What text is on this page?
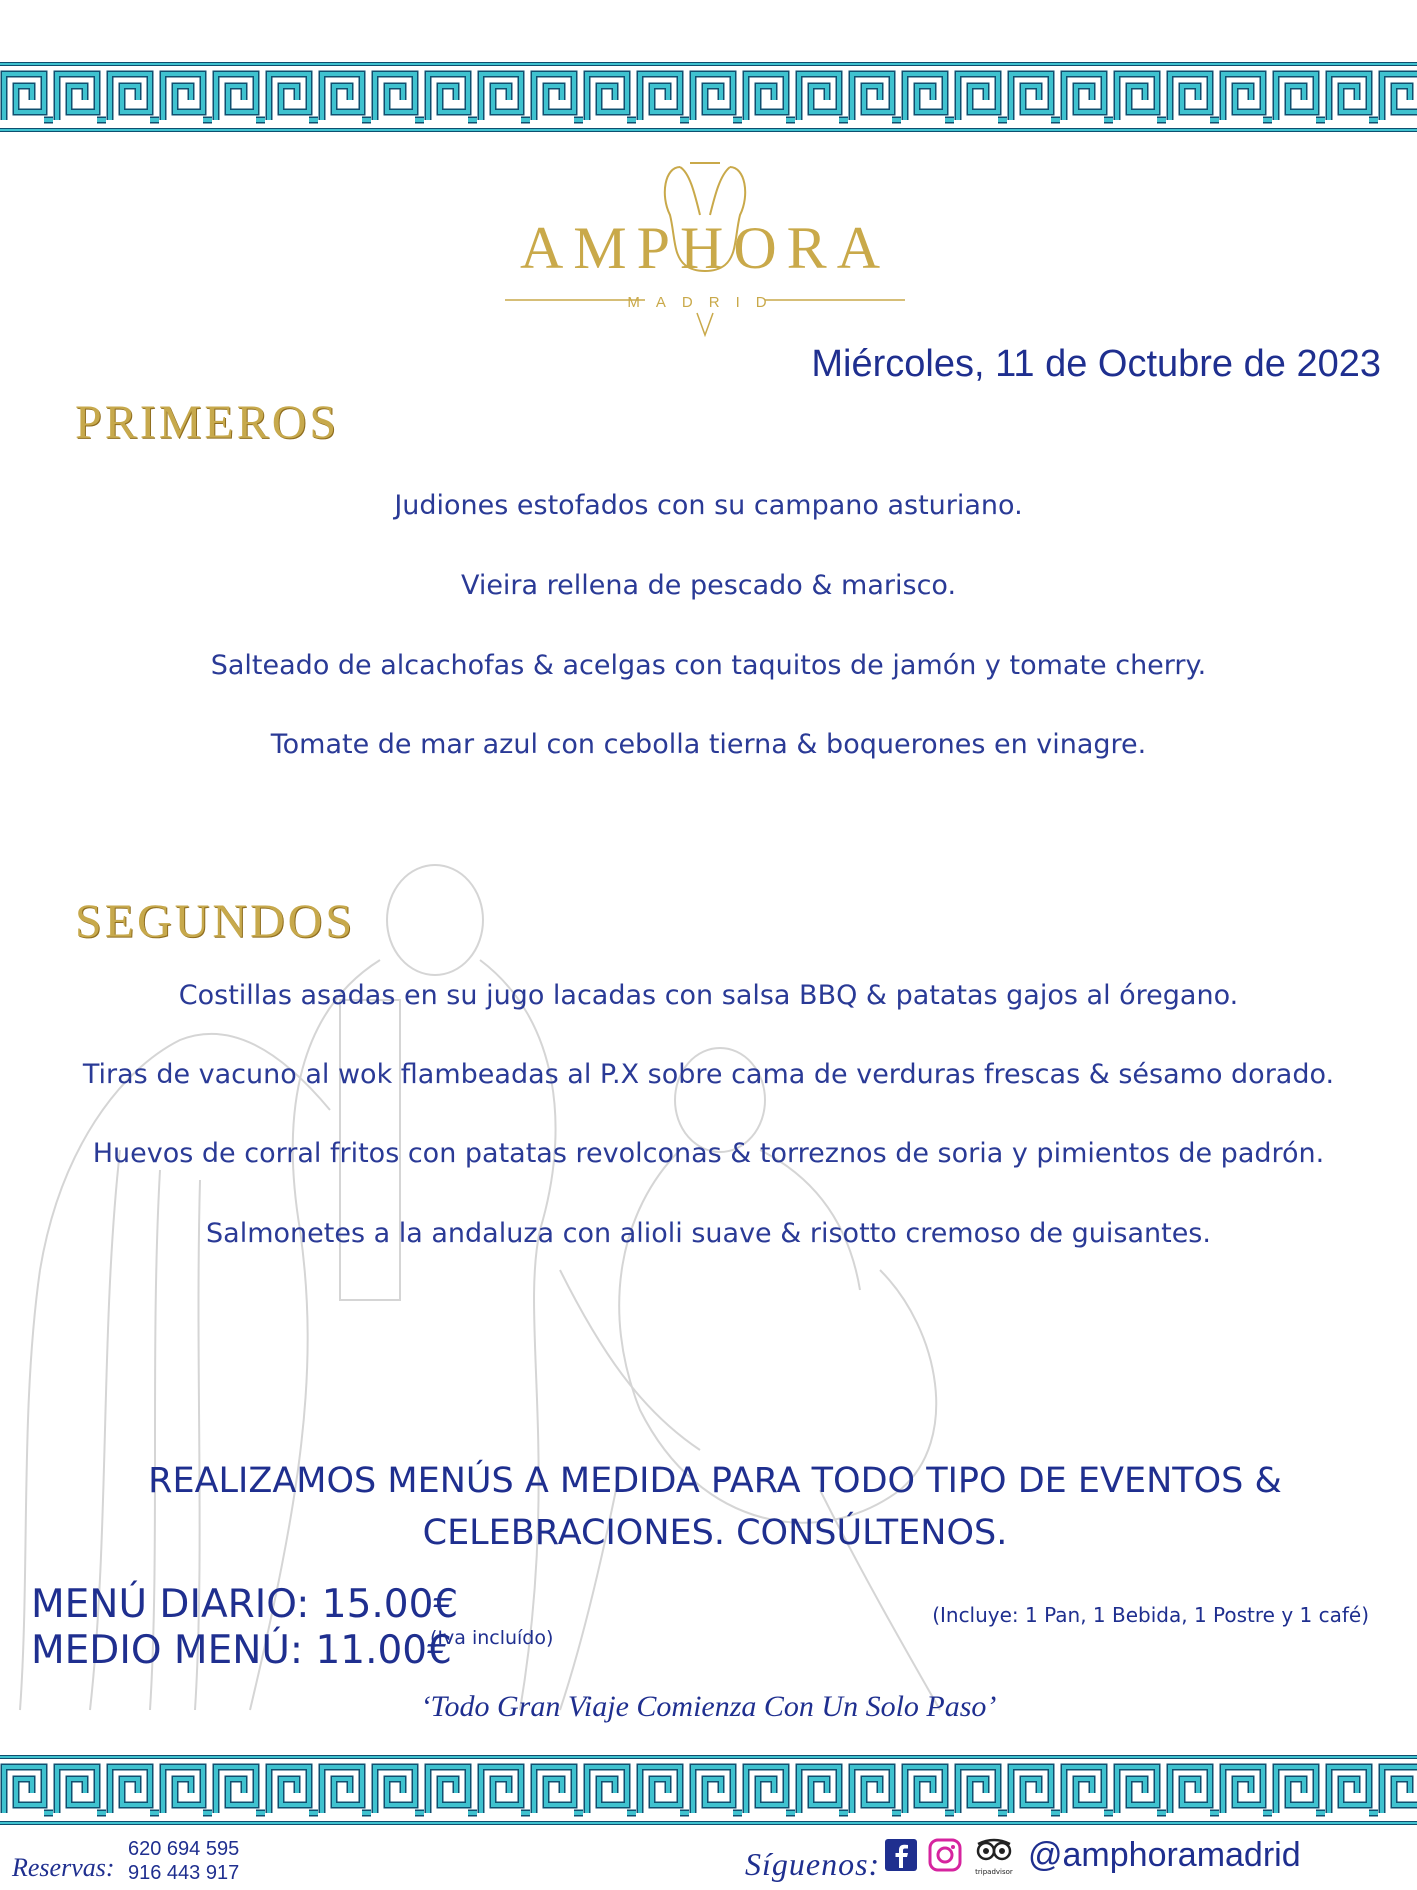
AMPHORA
MADRID
Miércoles, 11 de Octubre de 2023
PRIMEROS
Judiones estofados con su campano asturiano.
Vieira rellena de pescado & marisco.
Salteado de alcachofas & acelgas con taquitos de jamón y tomate cherry.
Tomate de mar azul con cebolla tierna & boquerones en vinagre.
SEGUNDOS
Costillas asadas en su jugo lacadas con salsa BBQ & patatas gajos al óregano.
Tiras de vacuno al wok flambeadas al P.X sobre cama de verduras frescas & sésamo dorado.
Huevos de corral fritos con patatas revolconas & torreznos de soria y pimientos de padrón.
Salmonetes a la andaluza con alioli suave & risotto cremoso de guisantes.
REALIZAMOS MENÚS A MEDIDA PARA TODO TIPO DE EVENTOS &
CELEBRACIONES. CONSÚLTENOS.
MENÚ DIARIO: 15.00€
MEDIO MENÚ: 11.00€
(Iva incluído)
(Incluye: 1 Pan, 1 Bebida, 1 Postre y 1 café)
‘Todo Gran Viaje Comienza Con Un Solo Paso’
Reservas:
620 694 595
916 443 917	Síguenos:	tripadvisor @amphoramadrid
